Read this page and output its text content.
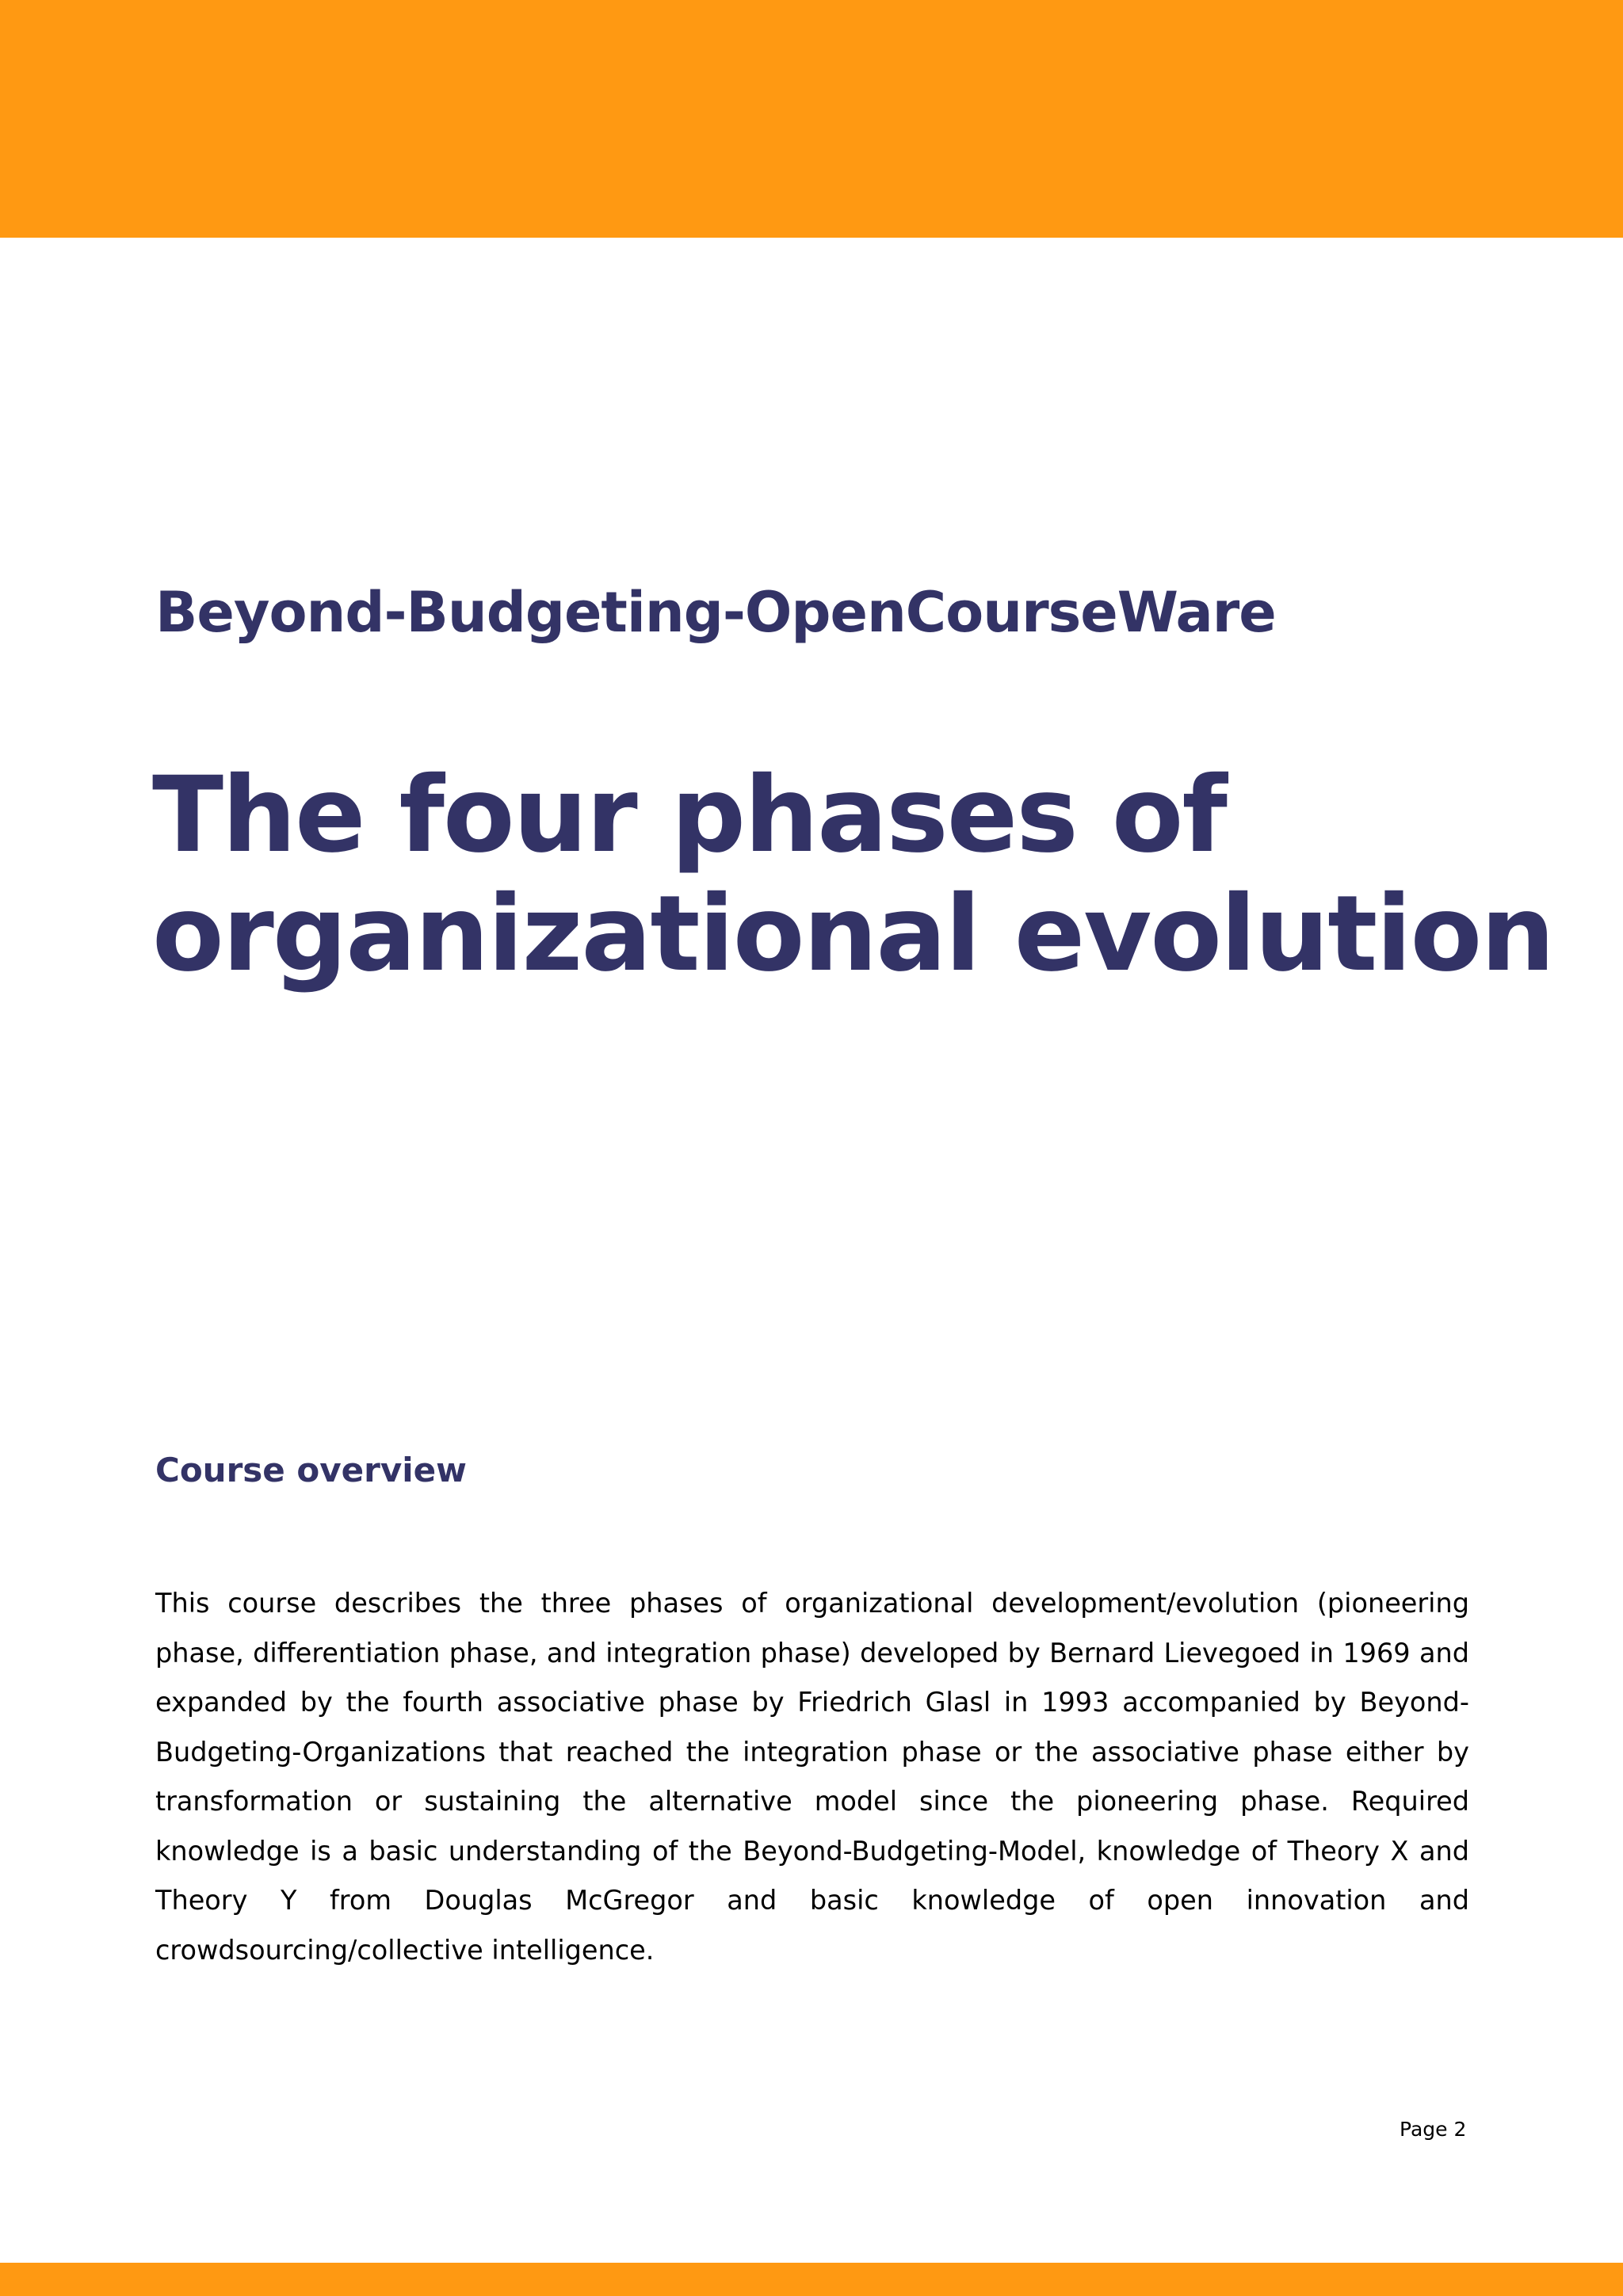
Beyond-Budgeting-OpenCourseWare
The four phases of
organizational evolution
Course overview

This course describes the three phases of organizational development/evolution (pioneering phase, differentiation phase, and integration phase) developed by Bernard Lievegoed in 1969 and expanded by the fourth associative phase by Friedrich Glasl in 1993 accompanied by Beyond-Budgeting-Organizations that reached the integration phase or the associative phase either by transformation or sustaining the alternative model since the pioneering phase. Required knowledge is a basic understanding of the Beyond-Budgeting-Model, knowledge of Theory X and Theory Y from Douglas McGregor and basic knowledge of open innovation and crowdsourcing/collective intelligence.

Page 2
